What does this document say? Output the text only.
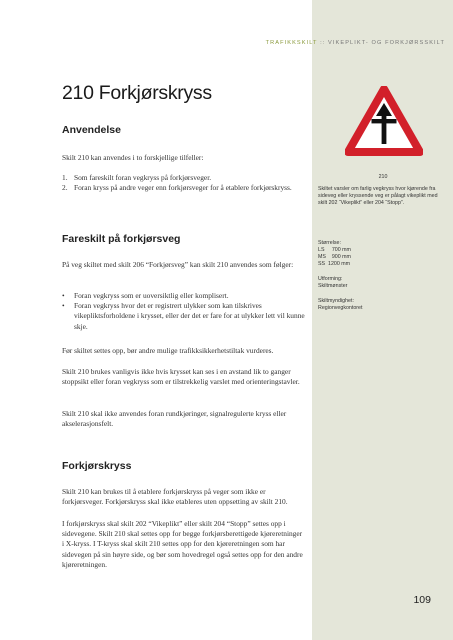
TRAFIKKSKILT :: VIKEPLIKT- OG FORKJØRSSKILT
210 Forkjørskryss
Anvendelse

Skilt 210 kan anvendes i to forskjellige tilfeller:

1. Som fareskilt foran vegkryss på forkjørsveger.
2. Foran kryss på andre veger enn forkjørsveger for å etablere forkjørskryss.
Fareskilt på forkjørsveg

På veg skiltet med skilt 206 “Forkjørsveg” kan skilt 210 anvendes som følger:

• Foran vegkryss som er uoversiktlig eller komplisert.
• Foran vegkryss hvor det er registrert ulykker som kan tilskrives vikepliktsforholdene i krysset, eller der det er fare for at ulykker lett vil kunne skje.

Før skiltet settes opp, bør andre mulige trafikksikkerhetstiltak vurderes.

Skilt 210 brukes vanligvis ikke hvis krysset kan ses i en avstand lik to ganger stoppsikt eller foran vegkryss som er tilstrekkelig varslet med orienteringstavler.

Skilt 210 skal ikke anvendes foran rundkjøringer, signalregulerte kryss eller akselerasjonsfelt.

Forkjørskryss

Skilt 210 kan brukes til å etablere forkjørskryss på veger som ikke er forkjørsveger. Forkjørskryss skal ikke etableres uten oppsetting av skilt 210.

I forkjørskryss skal skilt 202 “Vikeplikt” eller skilt 204 “Stopp” settes opp i sidevegene. Skilt 210 skal settes opp for begge forkjørsberettigede kjøreretninger i X-kryss. I T-kryss skal skilt 210 settes opp for den kjøreretningen som har sidevegen på sin høyre side, og bør som hovedregel også settes opp for den andre kjøreretningen.

210
Skiltet varsler om farlig vegkryss hvor kjørende fra sideveg eller kryssende veg er pålagt vikeplikt med skilt 202 “Vikeplikt” eller 204 “Stopp”.
Størrelse:
LS     700 mm
MS    900 mm
SS  1200 mm
Utforming:
Skiltmønster
Skiltmyndighet:
Regionvegkontoret
109
